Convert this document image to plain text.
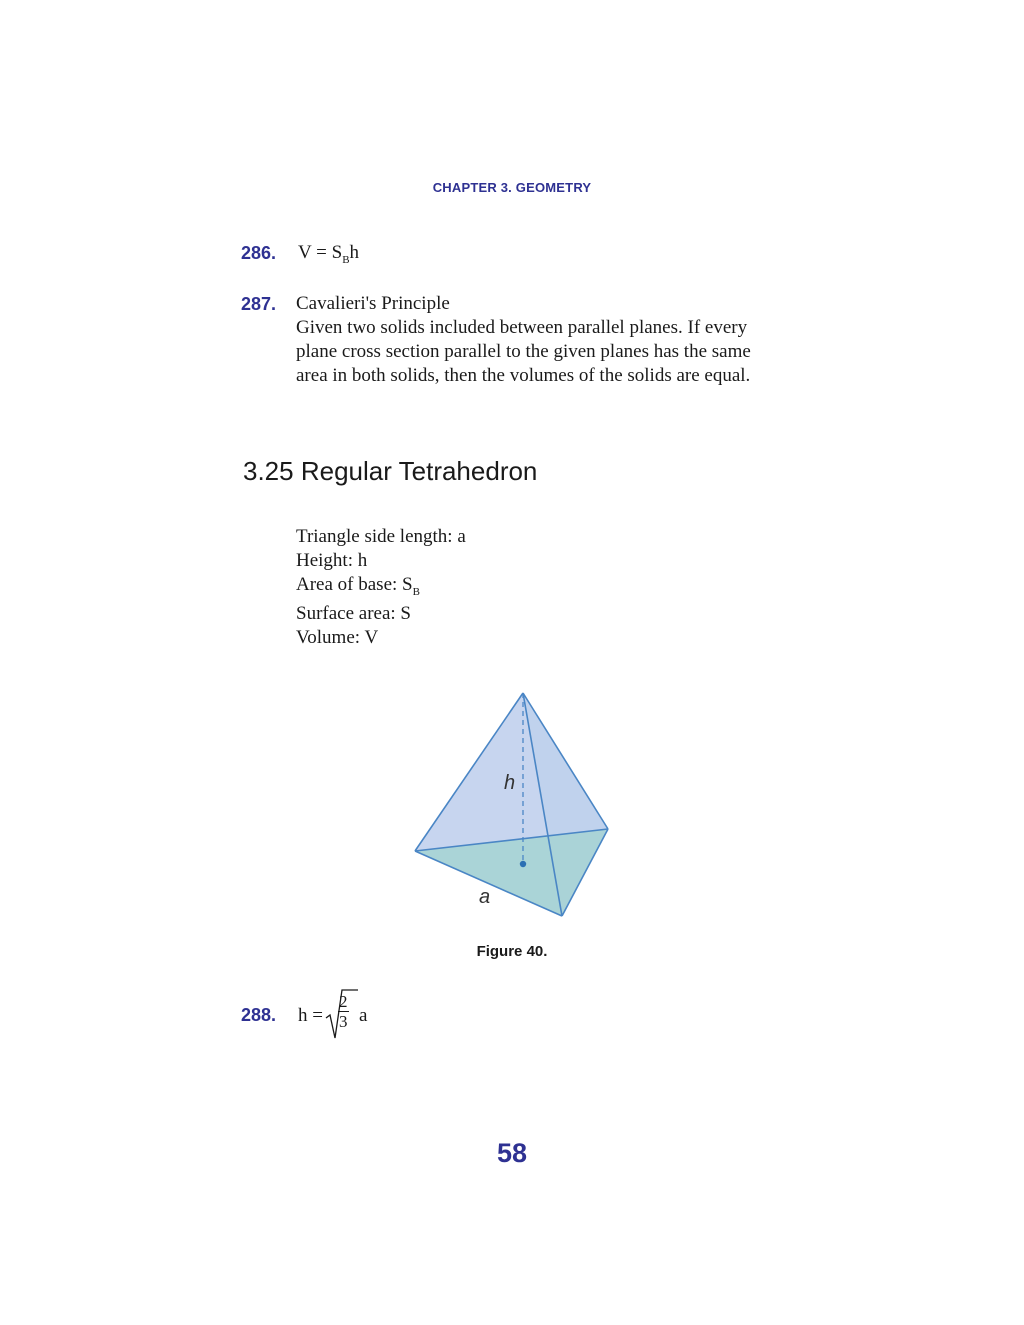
CHAPTER 3. GEOMETRY
286. $V = S_Bh$
287. Cavalieri's Principle
Given two solids included between parallel planes. If every
plane cross section parallel to the given planes has the same
area in both solids, then the volumes of the solids are equal.
3.25 Regular Tetrahedron
Triangle side length: a
Height: h
Area of base: $S_B$
Surface area: S
Volume: V
h
a
Figure 40.
288. $h = \frac{2}{3}$ a
58
